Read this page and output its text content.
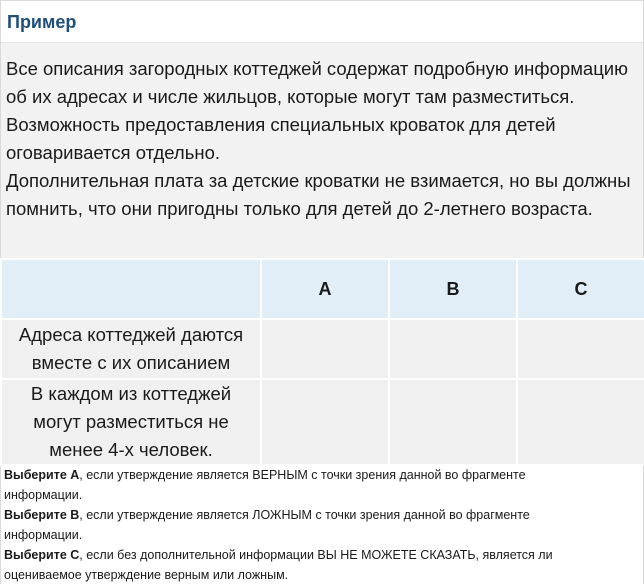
Пример

Все описания загородных коттеджей содержат подробную информацию об их адресах и числе жильцов, которые могут там разместиться. Возможность предоставления специальных кроваток для детей оговаривается отдельно.

Дополнительная плата за детские кроватки не взимается, но вы должны помнить, что они пригодны только для детей до 2-летнего возраста.

	A	B	C
Адреса коттеджей даются вместе с их описанием			
В каждом из коттеджей могут разместиться не менее 4-х человек.			

Выберите А, если утверждение является ВЕРНЫМ с точки зрения данной во фрагменте информации.

Выберите В, если утверждение является ЛОЖНЫМ с точки зрения данной во фрагменте информации.

Выберите С, если без дополнительной информации ВЫ НЕ МОЖЕТЕ СКАЗАТЬ, является ли оцениваемое утверждение верным или ложным.
